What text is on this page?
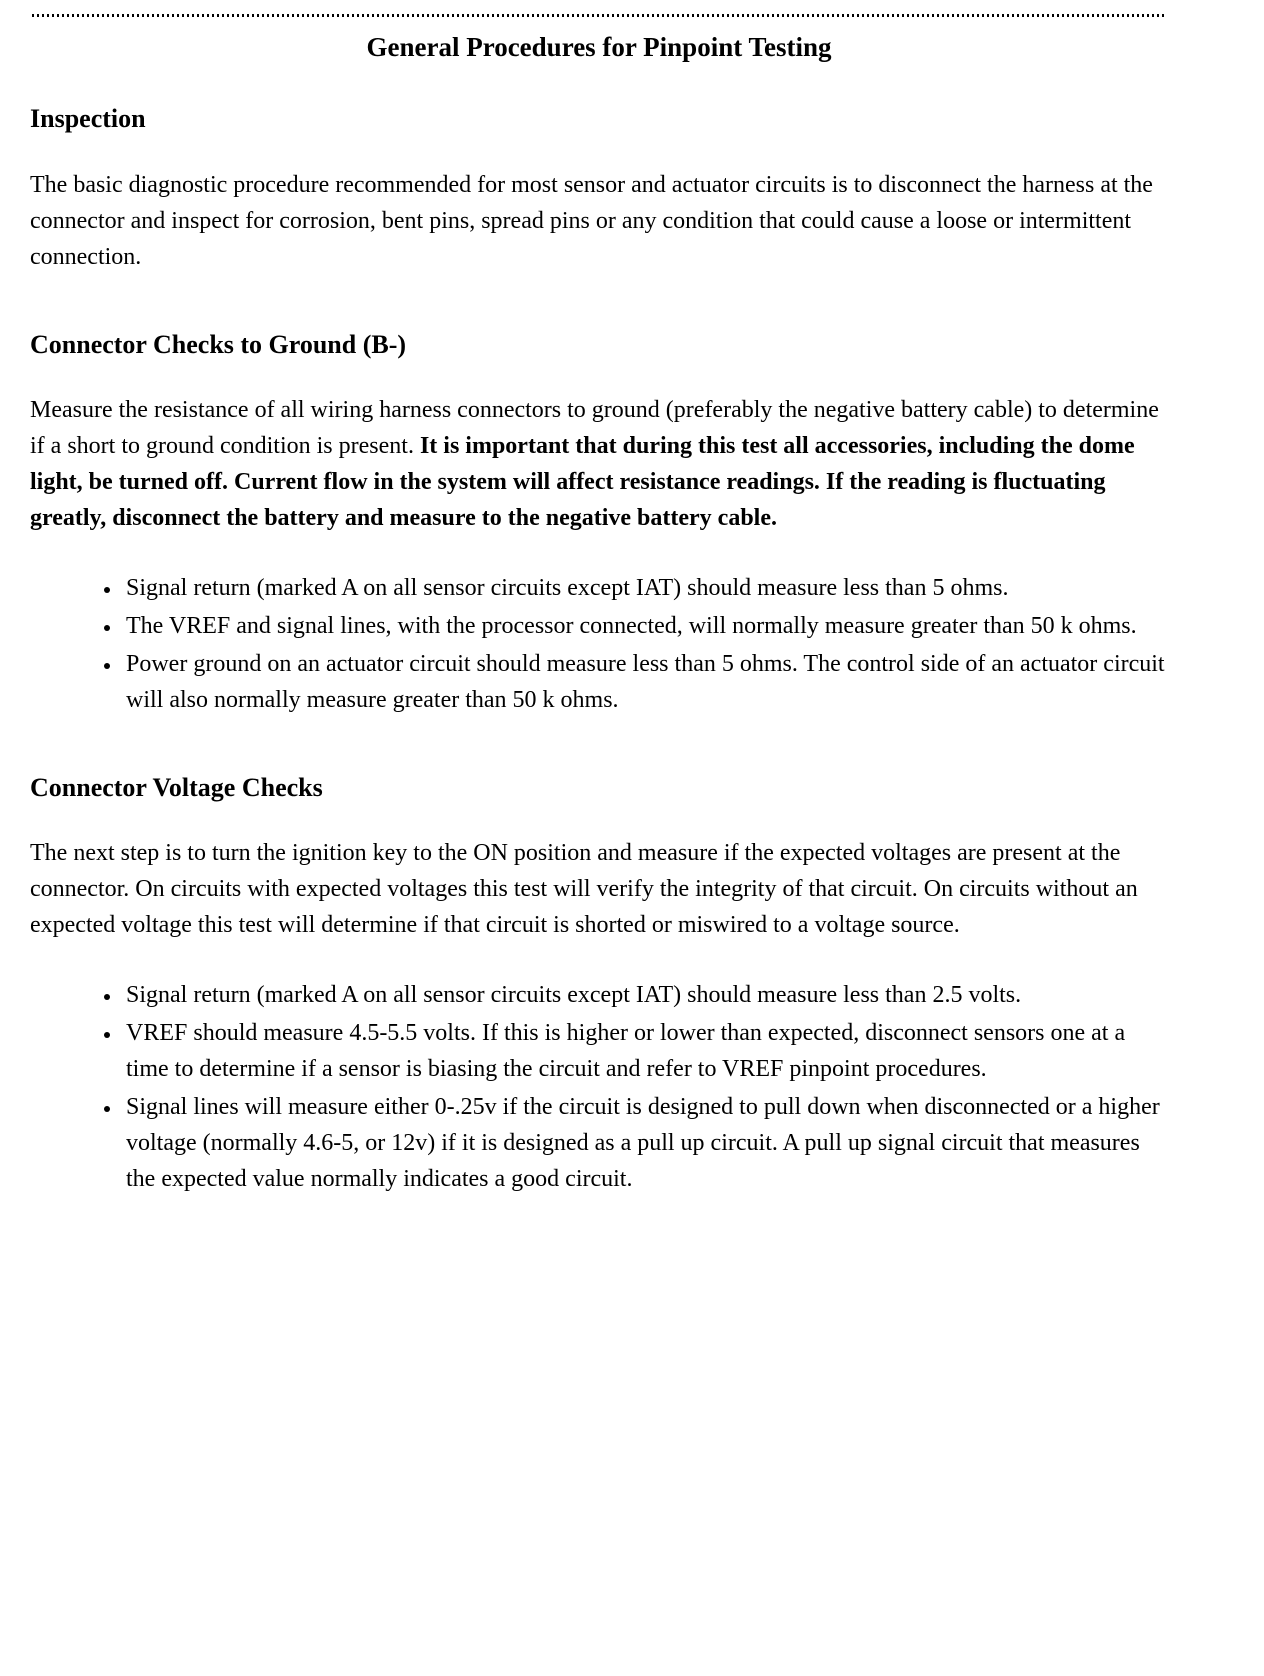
General Procedures for Pinpoint Testing
Inspection

The basic diagnostic procedure recommended for most sensor and actuator circuits is to disconnect the harness at the connector and inspect for corrosion, bent pins, spread pins or any condition that could cause a loose or intermittent connection.

Connector Checks to Ground (B-)

Measure the resistance of all wiring harness connectors to ground (preferably the negative battery cable) to determine if a short to ground condition is present. It is important that during this test all accessories, including the dome light, be turned off. Current flow in the system will affect resistance readings. If the reading is fluctuating greatly, disconnect the battery and measure to the negative battery cable.

• Signal return (marked A on all sensor circuits except IAT) should measure less than 5 ohms.
• The VREF and signal lines, with the processor connected, will normally measure greater than 50 k ohms.
• Power ground on an actuator circuit should measure less than 5 ohms. The control side of an actuator circuit will also normally measure greater than 50 k ohms.
Connector Voltage Checks

The next step is to turn the ignition key to the ON position and measure if the expected voltages are present at the connector. On circuits with expected voltages this test will verify the integrity of that circuit. On circuits without an expected voltage this test will determine if that circuit is shorted or miswired to a voltage source.

• Signal return (marked A on all sensor circuits except IAT) should measure less than 2.5 volts.
• VREF should measure 4.5-5.5 volts. If this is higher or lower than expected, disconnect sensors one at a time to determine if a sensor is biasing the circuit and refer to VREF pinpoint procedures.
• Signal lines will measure either 0-.25v if the circuit is designed to pull down when disconnected or a higher voltage (normally 4.6-5, or 12v) if it is designed as a pull up circuit. A pull up signal circuit that measures the expected value normally indicates a good circuit.
